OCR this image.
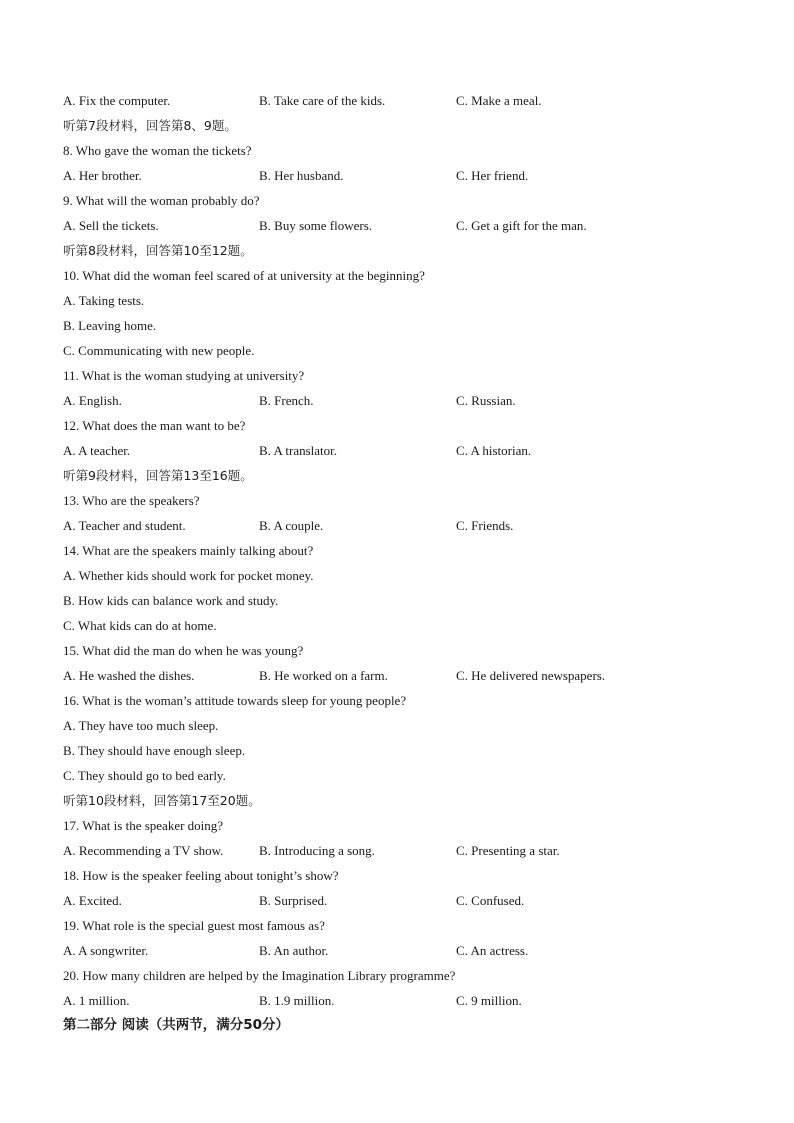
A. Fix the computer.	B. Take care of the kids.	C. Make a meal.
听第7段材料，回答第8、9题。
8. Who gave the woman the tickets?
A. Her brother.	B. Her husband.	C. Her friend.
9. What will the woman probably do?
A. Sell the tickets.	B. Buy some flowers.	C. Get a gift for the man.
听第8段材料，回答第10至12题。
10. What did the woman feel scared of at university at the beginning?
A. Taking tests.
B. Leaving home.
C. Communicating with new people.
11. What is the woman studying at university?
A. English.	B. French.	C. Russian.
12. What does the man want to be?
A. A teacher.	B. A translator.	C. A historian.
听第9段材料，回答第13至16题。
13. Who are the speakers?
A. Teacher and student.	B. A couple.	C. Friends.
14. What are the speakers mainly talking about?
A. Whether kids should work for pocket money.
B. How kids can balance work and study.
C. What kids can do at home.
15. What did the man do when he was young?
A. He washed the dishes.	B. He worked on a farm.	C. He delivered newspapers.
16. What is the woman’s attitude towards sleep for young people?
A. They have too much sleep.
B. They should have enough sleep.
C. They should go to bed early.
听第10段材料，回答第17至20题。
17. What is the speaker doing?
A. Recommending a TV show.	B. Introducing a song.	C. Presenting a star.
18. How is the speaker feeling about tonight’s show?
A. Excited.	B. Surprised.	C. Confused.
19. What role is the special guest most famous as?
A. A songwriter.	B. An author.	C. An actress.
20. How many children are helped by the Imagination Library programme?
A. 1 million.	B. 1.9 million.	C. 9 million.
第二部分 阅读（共两节，满分50分）
